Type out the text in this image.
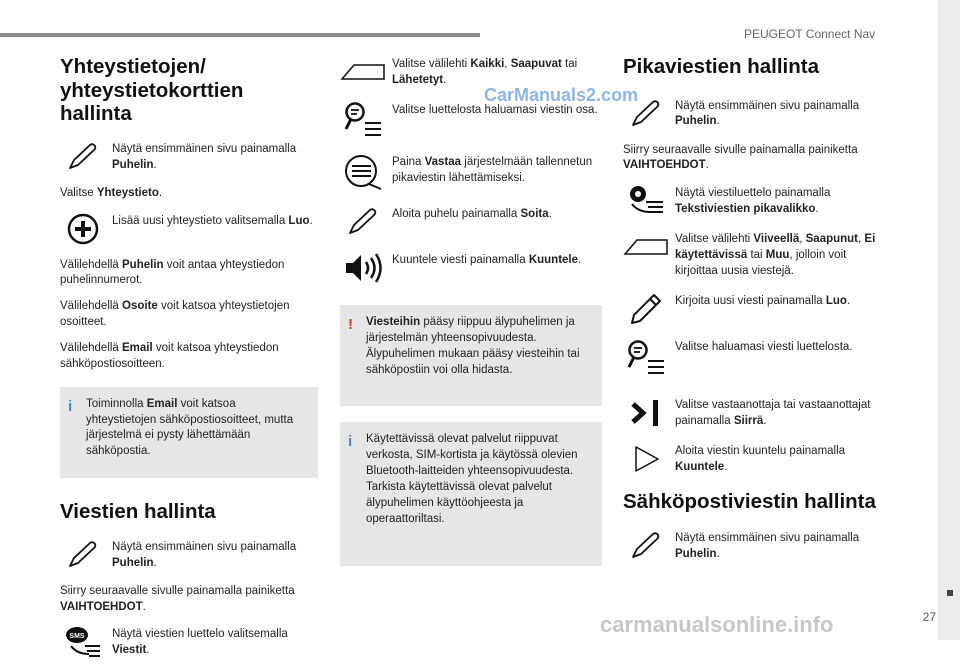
PEUGEOT Connect Nav
27
CarManuals2.com
carmanualsonline.info
Yhteystietojen/ yhteystietokorttien hallinta
Näytä ensimmäinen sivu painamalla Puhelin.

Valitse Yhteystieto.

Lisää uusi yhteystieto valitsemalla Luo.

Välilehdellä Puhelin voit antaa yhteystiedon puhelinnumerot.

Välilehdellä Osoite voit katsoa yhteystietojen osoitteet.

Välilehdellä Email voit katsoa yhteystiedon sähköpostiosoitteen.

i Toiminnolla Email voit katsoa yhteystietojen sähköpostiosoitteet, mutta järjestelmä ei pysty lähettämään sähköpostia.
Viestien hallinta
Näytä ensimmäinen sivu painamalla Puhelin.

Siirry seuraavalle sivulle painamalla painiketta VAIHTOEHDOT.

SMS Näytä viestien luettelo valitsemalla Viestit.
Valitse välilehti Kaikki, Saapuvat tai Lähetetyt.
Valitse luettelosta haluamasi viestin osa.
Paina Vastaa järjestelmään tallennetun pikaviestin lähettämiseksi.
Aloita puhelu painamalla Soita.
Kuuntele viesti painamalla Kuuntele.
! Viesteihin pääsy riippuu älypuhelimen ja järjestelmän yhteensopivuudesta. Älypuhelimen mukaan pääsy viesteihin tai sähköpostiin voi olla hidasta.
i Käytettävissä olevat palvelut riippuvat verkosta, SIM-kortista ja käytössä olevien Bluetooth-laitteiden yhteensopivuudesta. Tarkista käytettävissä olevat palvelut älypuhelimen käyttöohjeesta ja operaattoriltasi.
Pikaviestien hallinta
Näytä ensimmäinen sivu painamalla Puhelin.

Siirry seuraavalle sivulle painamalla painiketta VAIHTOEHDOT.

Näytä viestiluettelo painamalla Tekstiviestien pikavalikko.
Valitse välilehti Viiveellä, Saapunut, Ei käytettävissä tai Muu, jolloin voit kirjoittaa uusia viestejä.
Kirjoita uusi viesti painamalla Luo.
Valitse haluamasi viesti luettelosta.
Valitse vastaanottaja tai vastaanottajat painamalla Siirrä.
Aloita viestin kuuntelu painamalla Kuuntele.
Sähköpostiviestin hallinta
Näytä ensimmäinen sivu painamalla Puhelin.
